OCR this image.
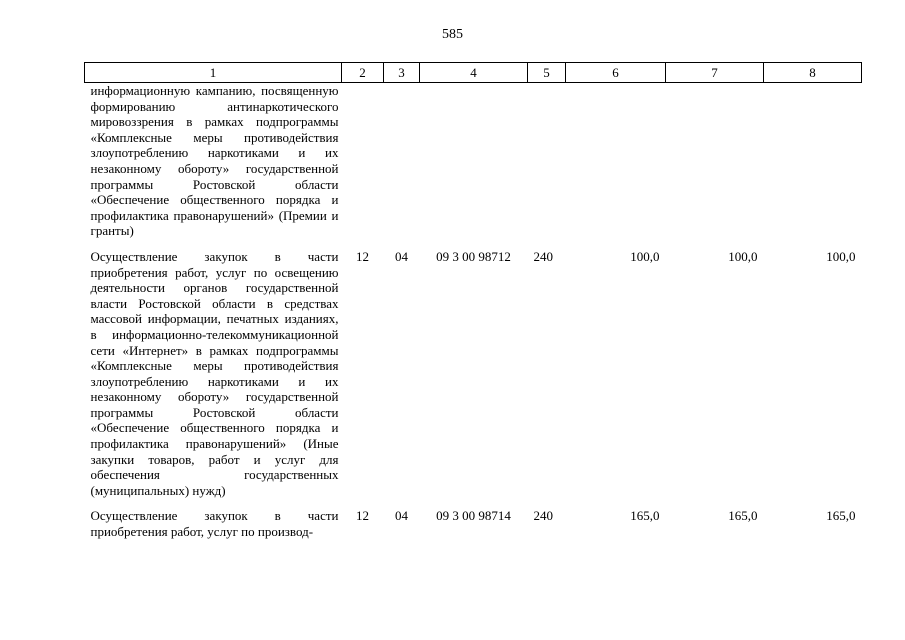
585
1	2	3	4	5	6	7	8
информационную кампанию, посвященную формированию антинаркотического мировоззрения в рамках подпрограммы «Комплексные меры противодействия злоупотреблению наркотиками и их незаконному обороту» государственной программы Ростовской области «Обеспечение общественного порядка и профилактика правонарушений» (Премии и гранты)							

Осуществление закупок в части приобретения работ, услуг по освещению деятельности органов государственной власти Ростовской области в средствах массовой информации, печатных изданиях, в информационно-телекоммуникационной сети «Интернет» в рамках подпрограммы «Комплексные меры противодействия злоупотреблению наркотиками и их незаконному обороту» государственной программы Ростовской области «Обеспечение общественного порядка и профилактика правонарушений» (Иные закупки товаров, работ и услуг для обеспечения государственных (муниципальных) нужд)	12	04	09 3 00 98712	240	100,0	100,0	100,0

Осуществление закупок в части приобретения работ, услуг по производ-	12	04	09 3 00 98714	240	165,0	165,0	165,0
